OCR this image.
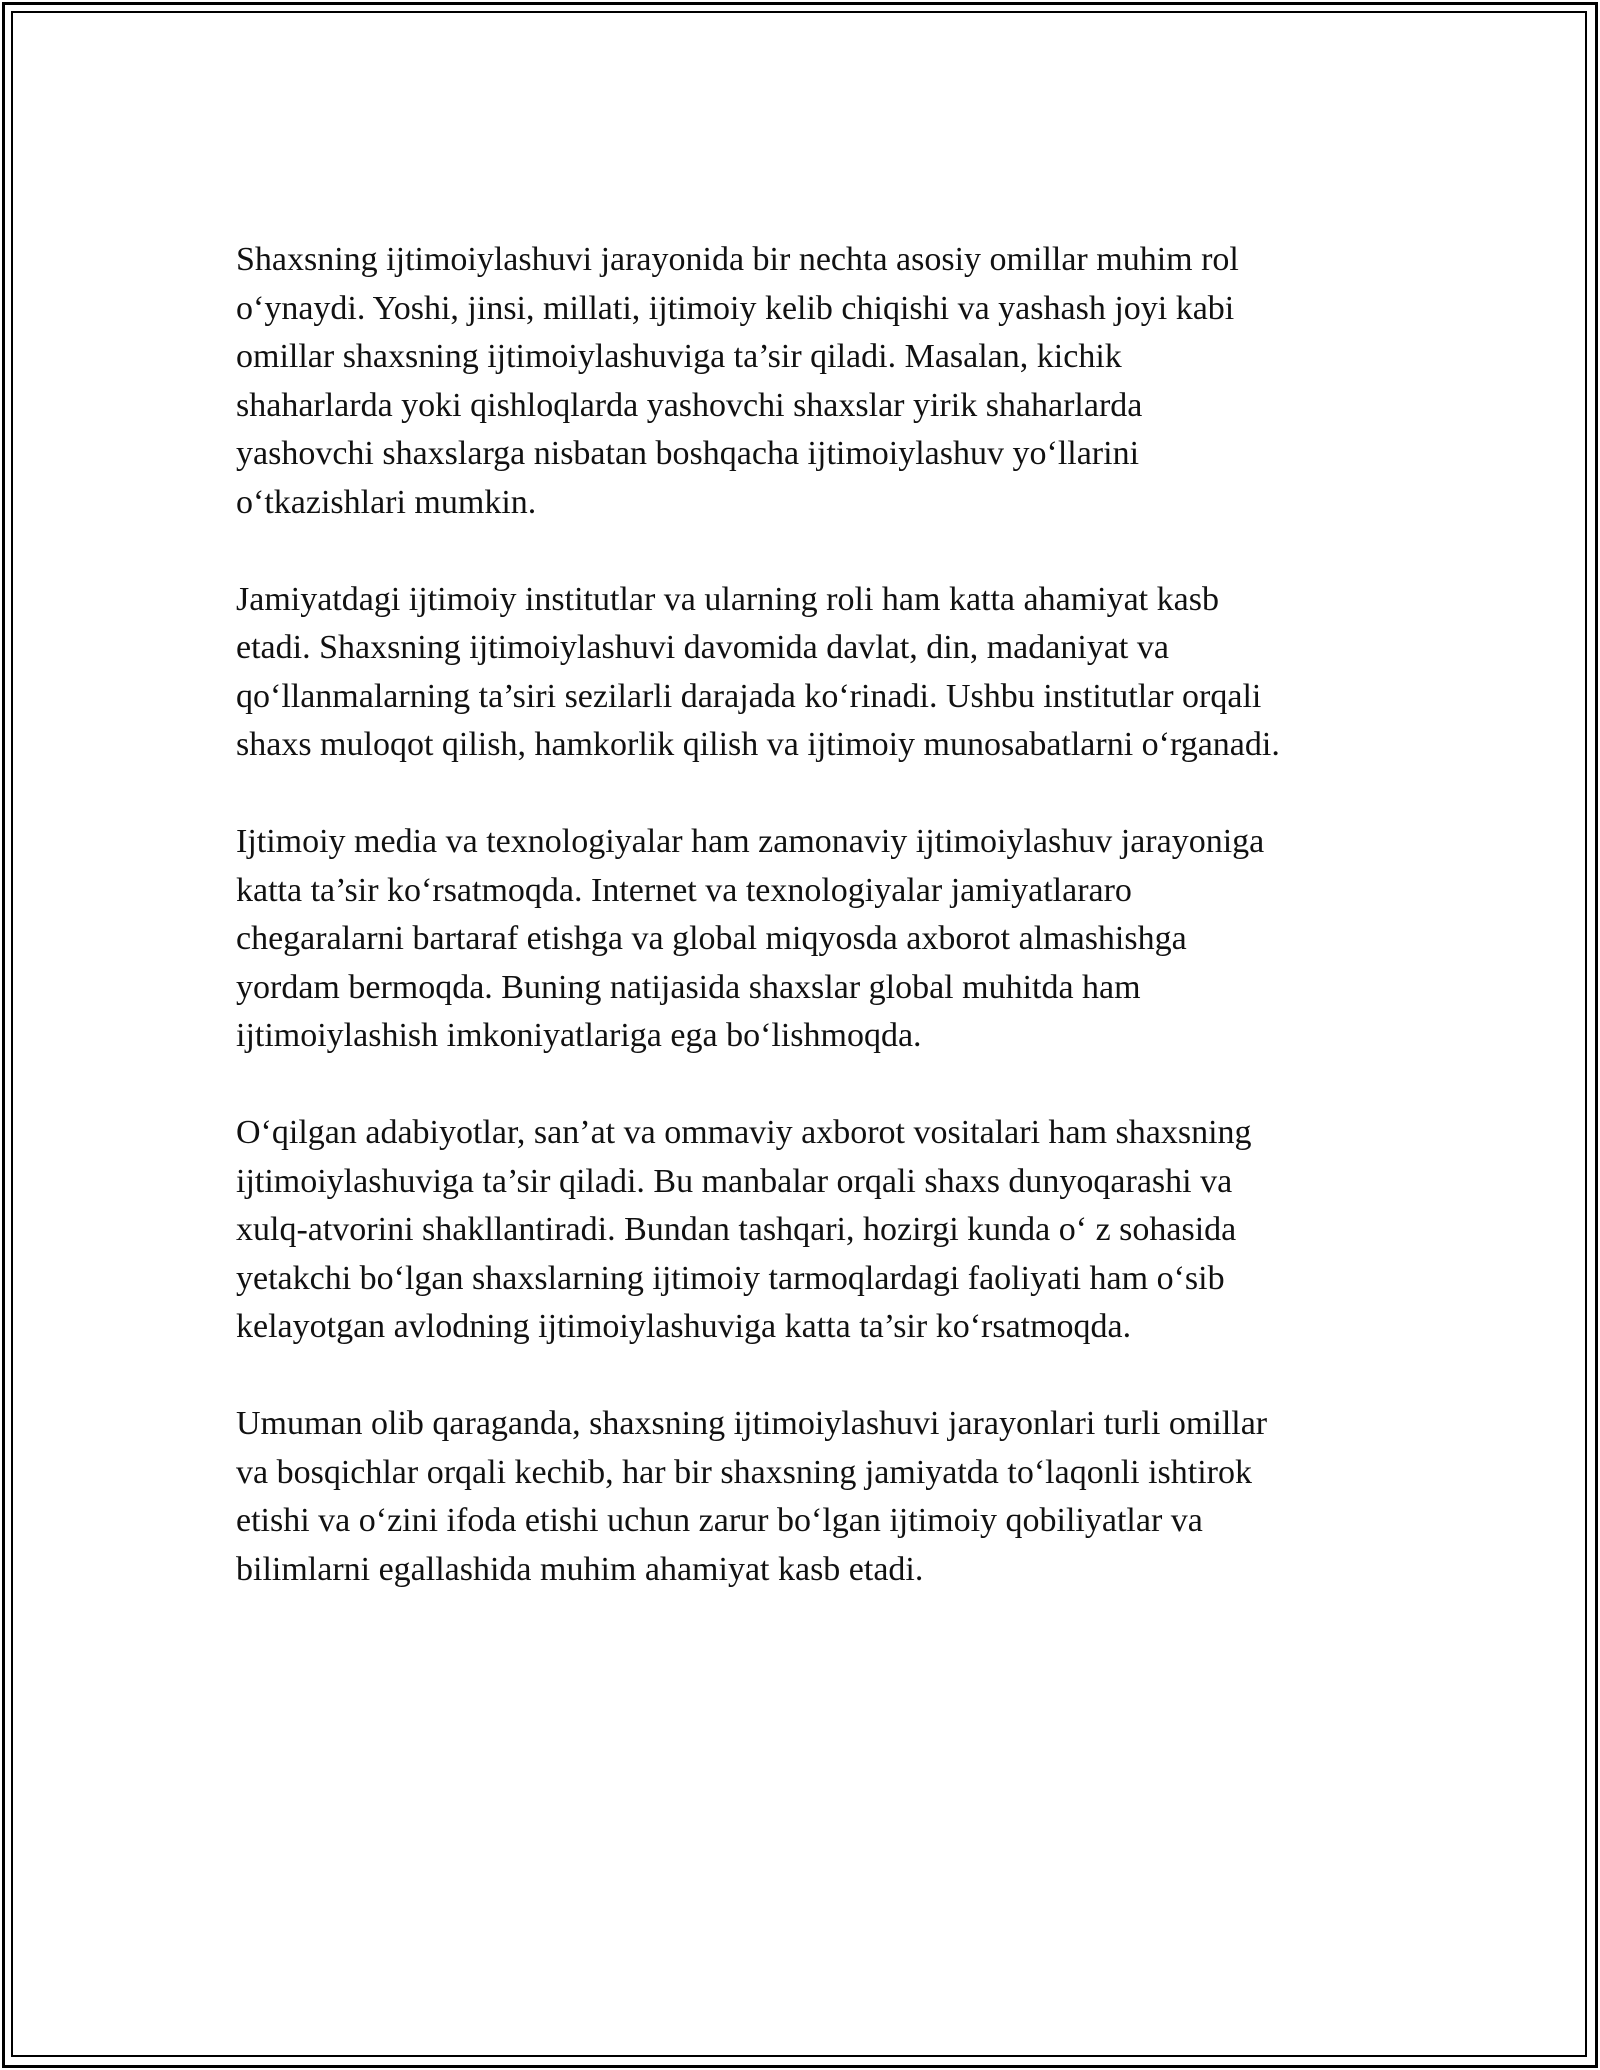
Shaxsning ijtimoiylashuvi jarayonida bir nechta asosiy omillar muhim rol
o‘ynaydi. Yoshi, jinsi, millati, ijtimoiy kelib chiqishi va yashash joyi kabi
omillar shaxsning ijtimoiylashuviga ta’sir qiladi. Masalan, kichik
shaharlarda yoki qishloqlarda yashovchi shaxslar yirik shaharlarda
yashovchi shaxslarga nisbatan boshqacha ijtimoiylashuv yo‘llarini
o‘tkazishlari mumkin.

Jamiyatdagi ijtimoiy institutlar va ularning roli ham katta ahamiyat kasb
etadi. Shaxsning ijtimoiylashuvi davomida davlat, din, madaniyat va
qo‘llanmalarning ta’siri sezilarli darajada ko‘rinadi. Ushbu institutlar orqali
shaxs muloqot qilish, hamkorlik qilish va ijtimoiy munosabatlarni o‘rganadi.

Ijtimoiy media va texnologiyalar ham zamonaviy ijtimoiylashuv jarayoniga
katta ta’sir ko‘rsatmoqda. Internet va texnologiyalar jamiyatlararo
chegaralarni bartaraf etishga va global miqyosda axborot almashishga
yordam bermoqda. Buning natijasida shaxslar global muhitda ham
ijtimoiylashish imkoniyatlariga ega bo‘lishmoqda.

O‘qilgan adabiyotlar, san’at va ommaviy axborot vositalari ham shaxsning
ijtimoiylashuviga ta’sir qiladi. Bu manbalar orqali shaxs dunyoqarashi va
xulq-atvorini shakllantiradi. Bundan tashqari, hozirgi kunda o‘ z sohasida
yetakchi bo‘lgan shaxslarning ijtimoiy tarmoqlardagi faoliyati ham o‘sib
kelayotgan avlodning ijtimoiylashuviga katta ta’sir ko‘rsatmoqda.

Umuman olib qaraganda, shaxsning ijtimoiylashuvi jarayonlari turli omillar
va bosqichlar orqali kechib, har bir shaxsning jamiyatda to‘laqonli ishtirok
etishi va o‘zini ifoda etishi uchun zarur bo‘lgan ijtimoiy qobiliyatlar va
bilimlarni egallashida muhim ahamiyat kasb etadi.
